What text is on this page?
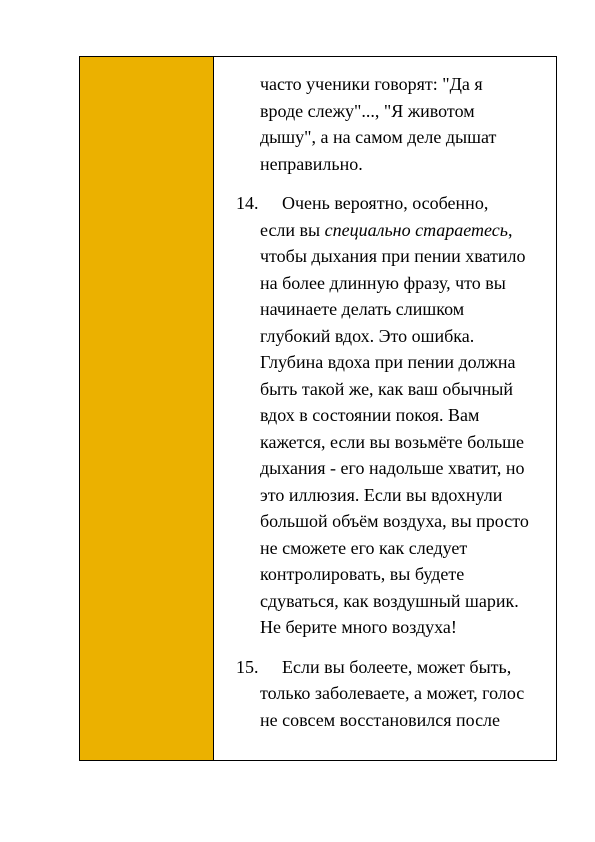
часто ученики говорят: "Да я
вроде слежу"..., "Я животом
дышу", а на самом деле дышат
неправильно.
14. Очень вероятно, особенно,
если вы специально стараетесь,
чтобы дыхания при пении хватило
на более длинную фразу, что вы
начинаете делать слишком
глубокий вдох. Это ошибка.
Глубина вдоха при пении должна
быть такой же, как ваш обычный
вдох в состоянии покоя. Вам
кажется, если вы возьмёте больше
дыхания - его надольше хватит, но
это иллюзия. Если вы вдохнули
большой объём воздуха, вы просто
не сможете его как следует
контролировать, вы будете
сдуваться, как воздушный шарик.
Не берите много воздуха!
15. Если вы болеете, может быть,
только заболеваете, а может, голос
не совсем восстановился после
